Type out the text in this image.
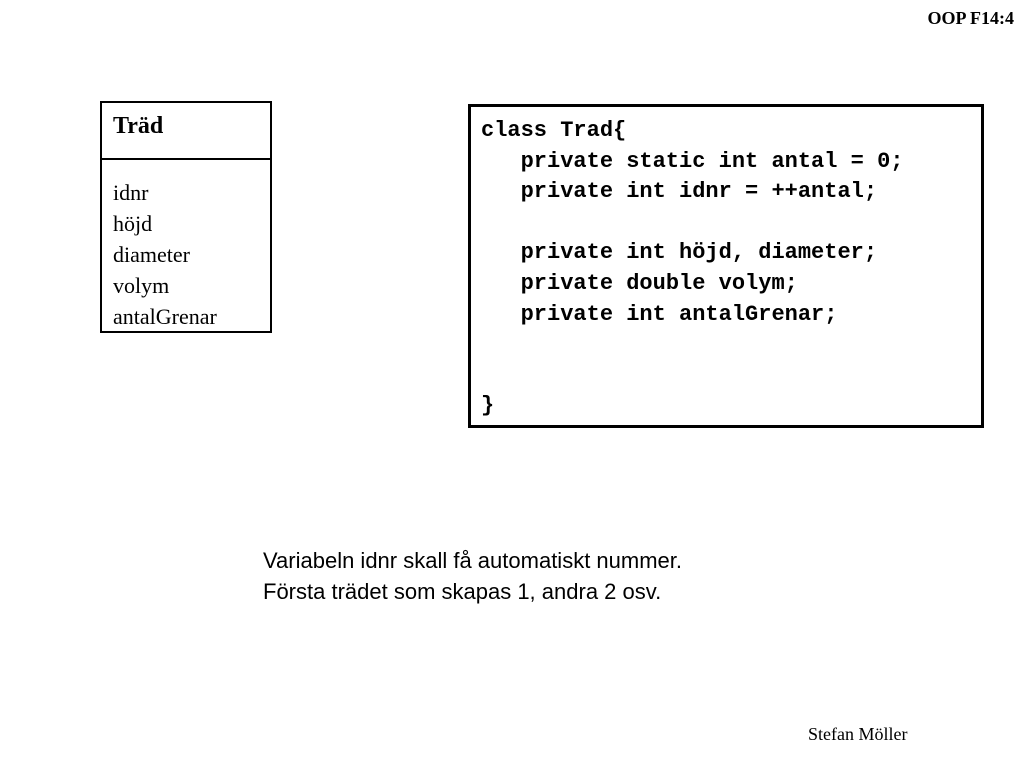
OOP F14:4
Träd
idnr
höjd
diameter
volym
antalGrenar
class Trad{
private static int antal = 0;
private int idnr = ++antal;
private int höjd, diameter;
private double volym;
private int antalGrenar;
}
Variabeln idnr skall få automatiskt nummer.
Första trädet som skapas 1, andra 2 osv.
Stefan Möller
